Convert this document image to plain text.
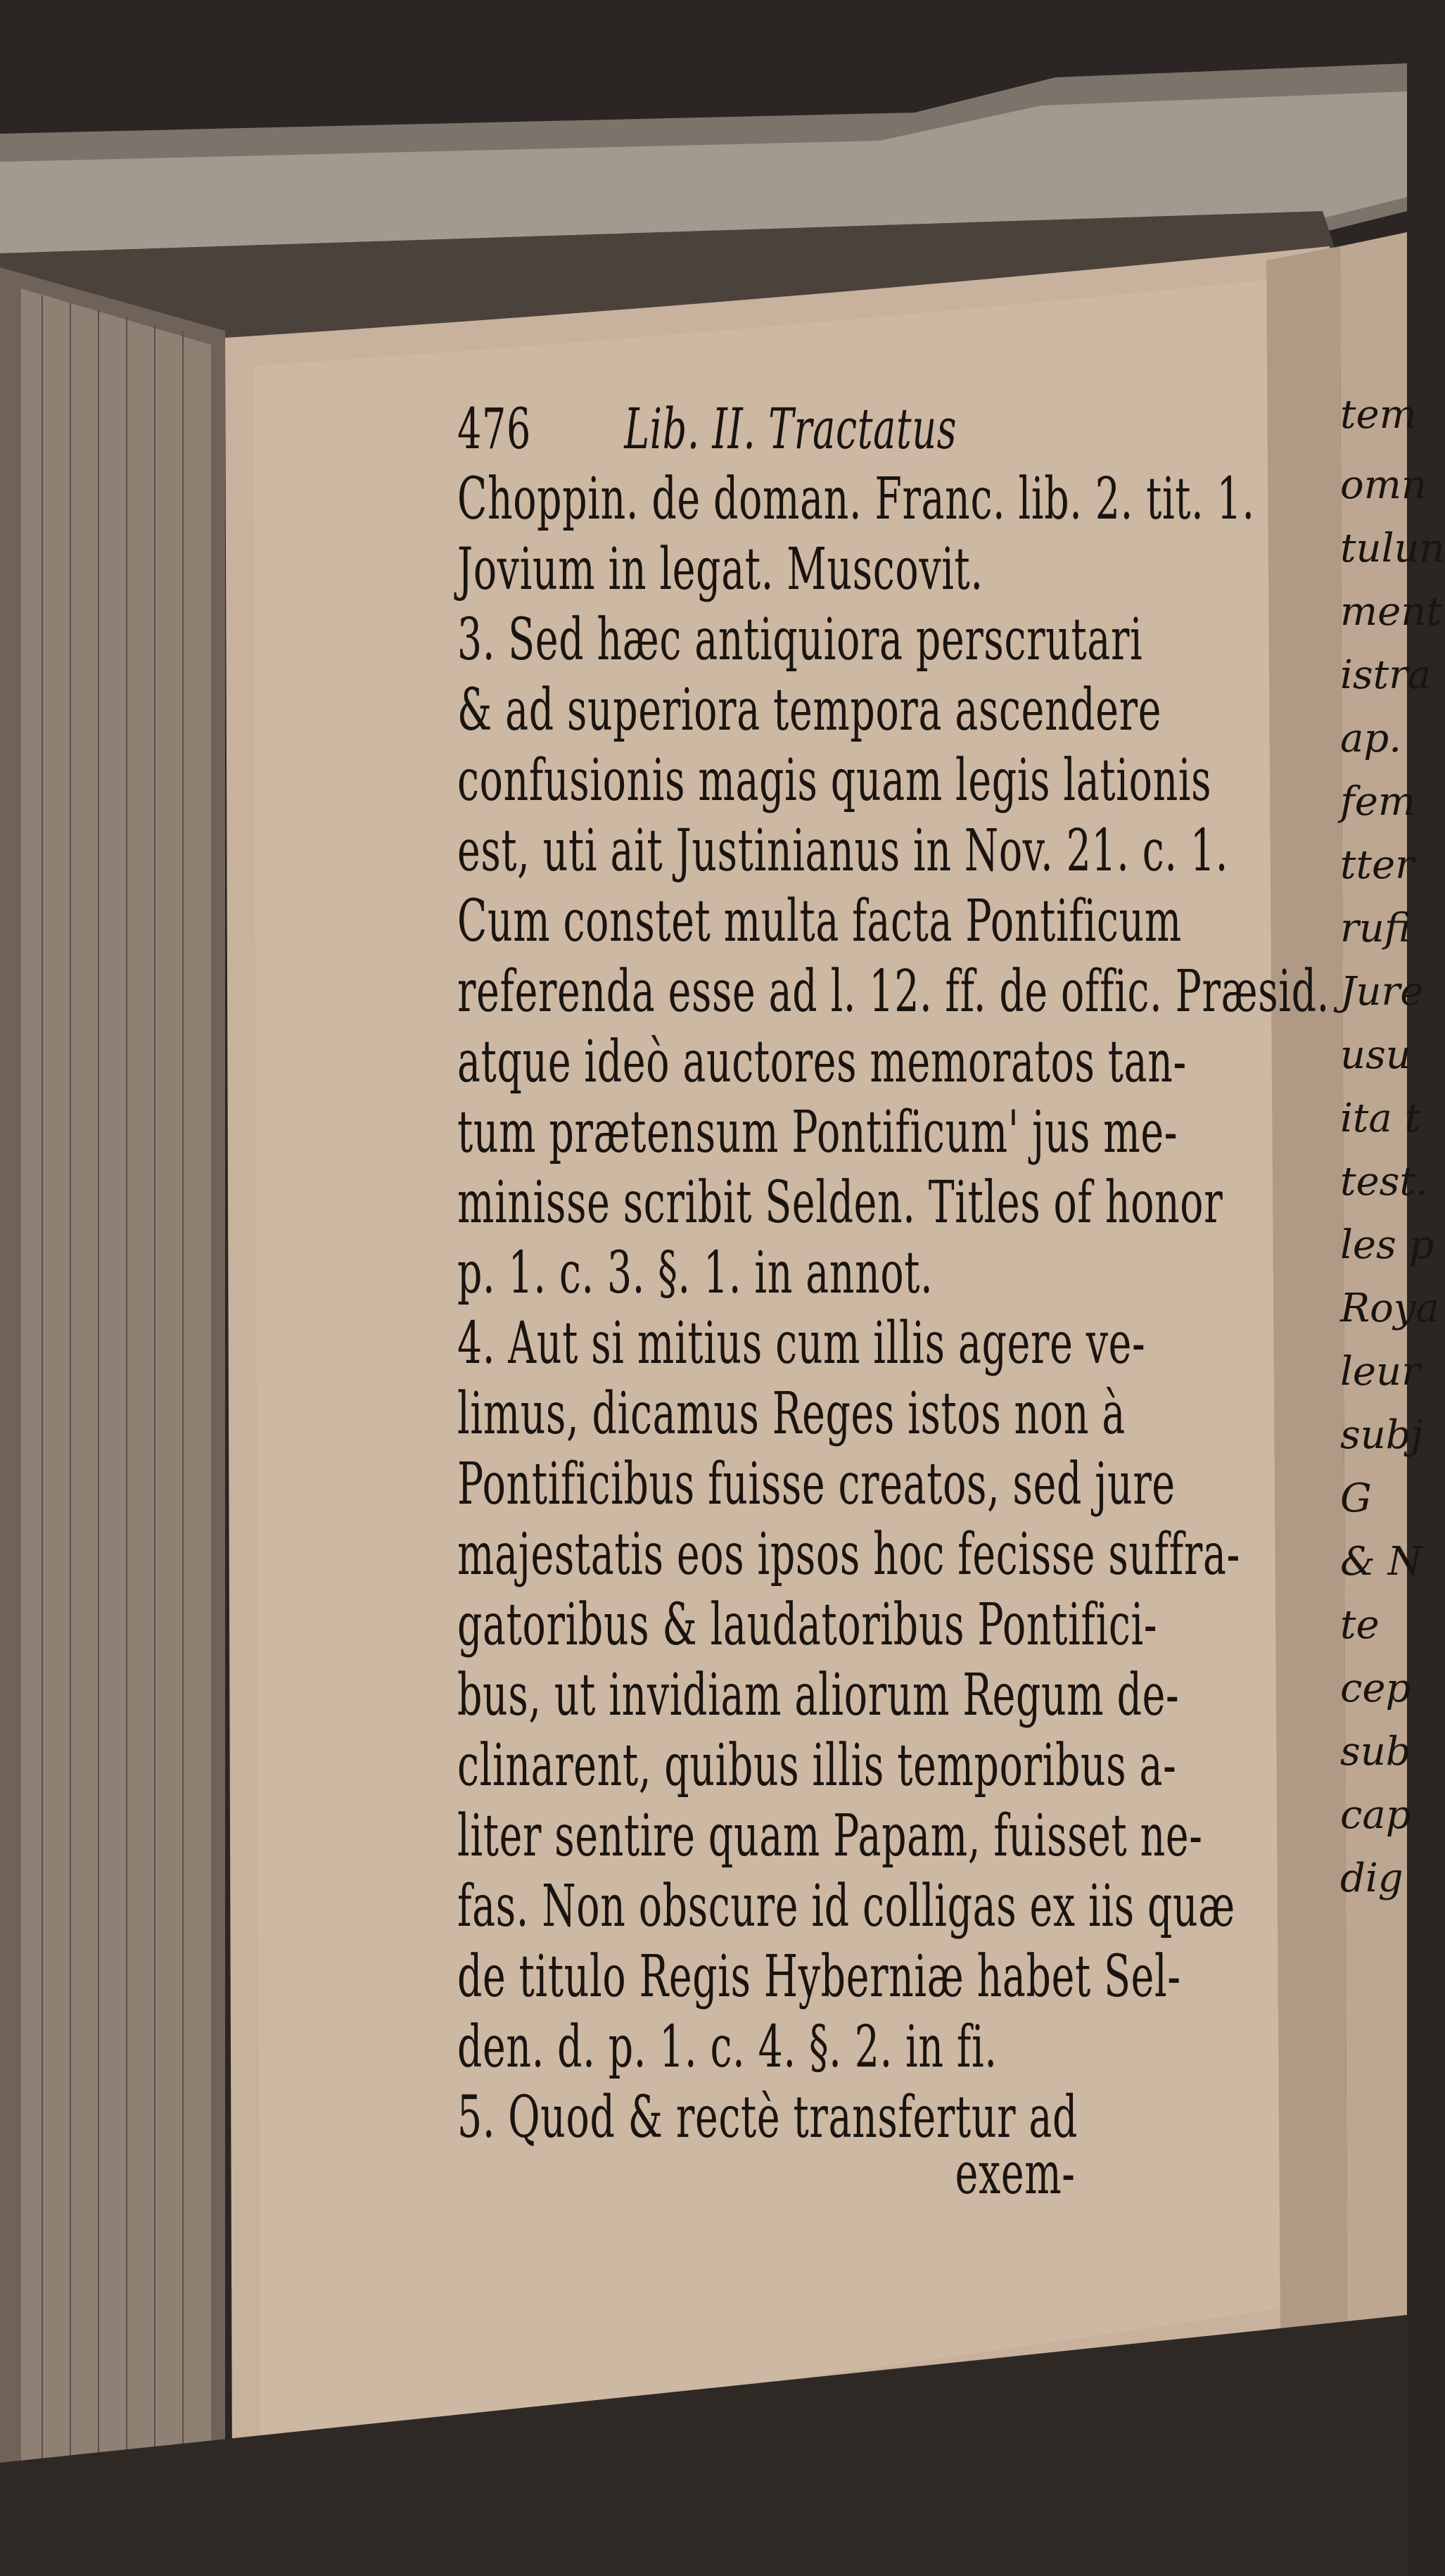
476 Lib. II. Tractatus
Choppin. de doman. Franc. lib. 2. tit. 1.
Jovium in legat. Muscovit.
3. Sed hæc antiquiora perscrutari
& ad superiora tempora ascendere
confusionis magis quam legis lationis
est, uti ait Justinianus in Nov. 21. c. 1.
Cum constet multa facta Pontificum
referenda esse ad l. 12. ff. de offic. Præsid.
atque ideò auctores memoratos tan-
tum prætensum Pontificum' jus me-
minisse scribit Selden. Titles of honor
p. 1. c. 3. §. 1. in annot.
4. Aut si mitius cum illis agere ve-
limus, dicamus Reges istos non à
Pontificibus fuisse creatos, sed jure
majestatis eos ipsos hoc fecisse suffra-
gatoribus & laudatoribus Pontifici-
bus, ut invidiam aliorum Regum de-
clinarent, quibus illis temporibus a-
liter sentire quam Papam, fuisset ne-
fas. Non obscure id colligas ex iis quæ
de titulo Regis Hyberniæ habet Sel-
den. d. p. 1. c. 4. §. 2. in fi.
5. Quod & rectè transfertur ad
exem-
tem
omn
tulun
ment
istra
ap.
fem
tter
rufi
Jure
usu
ita t
test.
les p
Roya
leur
subj
G
& N
te
cep
sub
cap
dig
